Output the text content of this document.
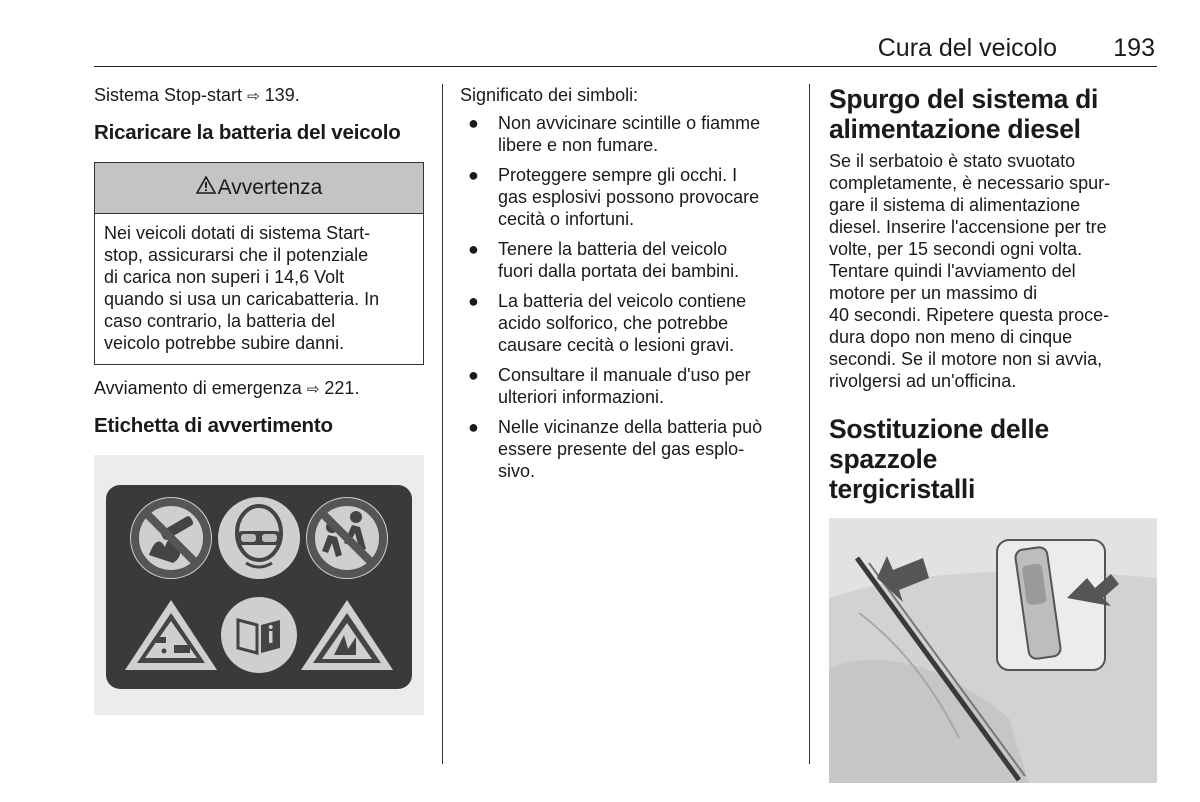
Cura del veicolo 193

Sistema Stop-start ⇨ 139.

Ricaricare la batteria del veicolo
Avvertenza
Nei veicoli dotati di sistema Start-
stop, assicurarsi che il potenziale
di carica non superi i 14,6 Volt
quando si usa un caricabatteria. In
caso contrario, la batteria del
veicolo potrebbe subire danni.

Avviamento di emergenza ⇨ 221.

Etichetta di avvertimento

Significato dei simboli:

● Non avvicinare scintille o fiamme
libere e non fumare.
● Proteggere sempre gli occhi. I
gas esplosivi possono provocare
cecità o infortuni.
● Tenere la batteria del veicolo
fuori dalla portata dei bambini.
● La batteria del veicolo contiene
acido solforico, che potrebbe
causare cecità o lesioni gravi.
● Consultare il manuale d'uso per
ulteriori informazioni.
● Nelle vicinanze della batteria può
essere presente del gas esplo-
sivo.
Spurgo del sistema di
alimentazione diesel

Se il serbatoio è stato svuotato

completamente, è necessario spur-

gare il sistema di alimentazione

diesel. Inserire l'accensione per tre

volte, per 15 secondi ogni volta.

Tentare quindi l'avviamento del

motore per un massimo di

40 secondi. Ripetere questa proce-

dura dopo non meno di cinque

secondi. Se il motore non si avvia,

rivolgersi ad un'officina.

Sostituzione delle spazzole
tergicristalli
